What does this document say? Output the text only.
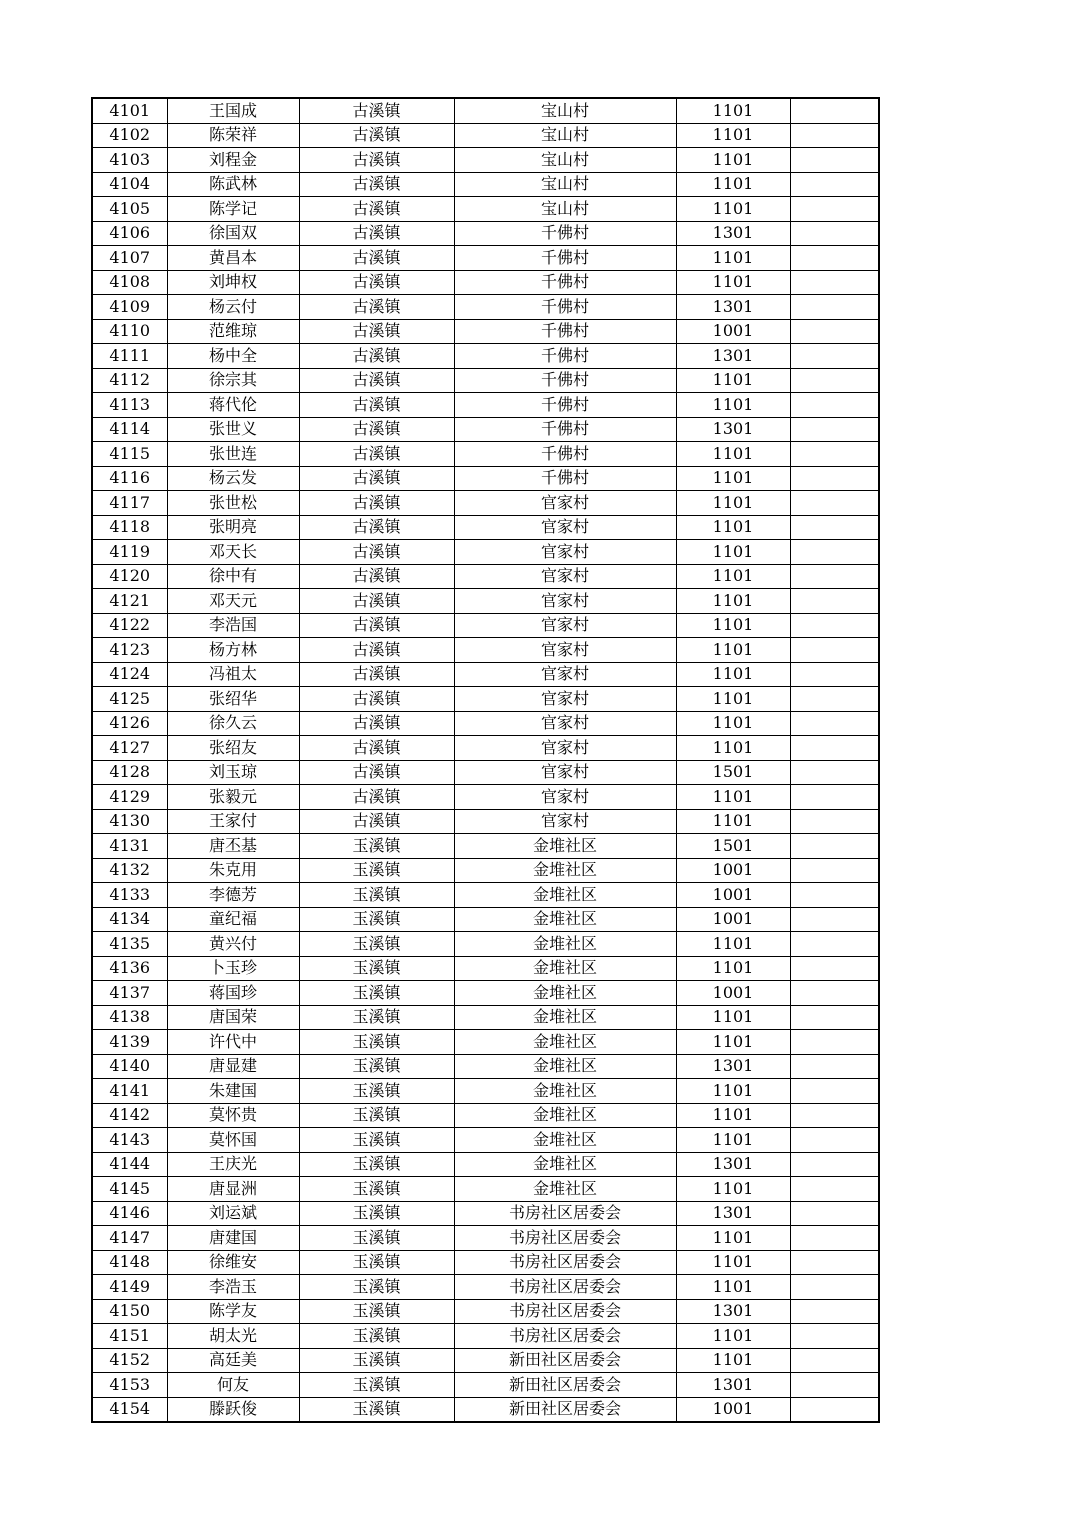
4101	王国成	古溪镇	宝山村	1101	
4102	陈荣祥	古溪镇	宝山村	1101	
4103	刘程金	古溪镇	宝山村	1101	
4104	陈武林	古溪镇	宝山村	1101	
4105	陈学记	古溪镇	宝山村	1101	
4106	徐国双	古溪镇	千佛村	1301	
4107	黄昌本	古溪镇	千佛村	1101	
4108	刘坤权	古溪镇	千佛村	1101	
4109	杨云付	古溪镇	千佛村	1301	
4110	范维琼	古溪镇	千佛村	1001	
4111	杨中全	古溪镇	千佛村	1301	
4112	徐宗其	古溪镇	千佛村	1101	
4113	蒋代伦	古溪镇	千佛村	1101	
4114	张世义	古溪镇	千佛村	1301	
4115	张世连	古溪镇	千佛村	1101	
4116	杨云发	古溪镇	千佛村	1101	
4117	张世松	古溪镇	官家村	1101	
4118	张明亮	古溪镇	官家村	1101	
4119	邓天长	古溪镇	官家村	1101	
4120	徐中有	古溪镇	官家村	1101	
4121	邓天元	古溪镇	官家村	1101	
4122	李浩国	古溪镇	官家村	1101	
4123	杨方林	古溪镇	官家村	1101	
4124	冯祖太	古溪镇	官家村	1101	
4125	张绍华	古溪镇	官家村	1101	
4126	徐久云	古溪镇	官家村	1101	
4127	张绍友	古溪镇	官家村	1101	
4128	刘玉琼	古溪镇	官家村	1501	
4129	张毅元	古溪镇	官家村	1101	
4130	王家付	古溪镇	官家村	1101	
4131	唐丕基	玉溪镇	金堆社区	1501	
4132	朱克用	玉溪镇	金堆社区	1001	
4133	李德芳	玉溪镇	金堆社区	1001	
4134	童纪福	玉溪镇	金堆社区	1001	
4135	黄兴付	玉溪镇	金堆社区	1101	
4136	卜玉珍	玉溪镇	金堆社区	1101	
4137	蒋国珍	玉溪镇	金堆社区	1001	
4138	唐国荣	玉溪镇	金堆社区	1101	
4139	许代中	玉溪镇	金堆社区	1101	
4140	唐显建	玉溪镇	金堆社区	1301	
4141	朱建国	玉溪镇	金堆社区	1101	
4142	莫怀贵	玉溪镇	金堆社区	1101	
4143	莫怀国	玉溪镇	金堆社区	1101	
4144	王庆光	玉溪镇	金堆社区	1301	
4145	唐显洲	玉溪镇	金堆社区	1101	
4146	刘运斌	玉溪镇	书房社区居委会	1301	
4147	唐建国	玉溪镇	书房社区居委会	1101	
4148	徐维安	玉溪镇	书房社区居委会	1101	
4149	李浩玉	玉溪镇	书房社区居委会	1101	
4150	陈学友	玉溪镇	书房社区居委会	1301	
4151	胡太光	玉溪镇	书房社区居委会	1101	
4152	高廷美	玉溪镇	新田社区居委会	1101	
4153	何友	玉溪镇	新田社区居委会	1301	
4154	滕跃俊	玉溪镇	新田社区居委会	1001	
